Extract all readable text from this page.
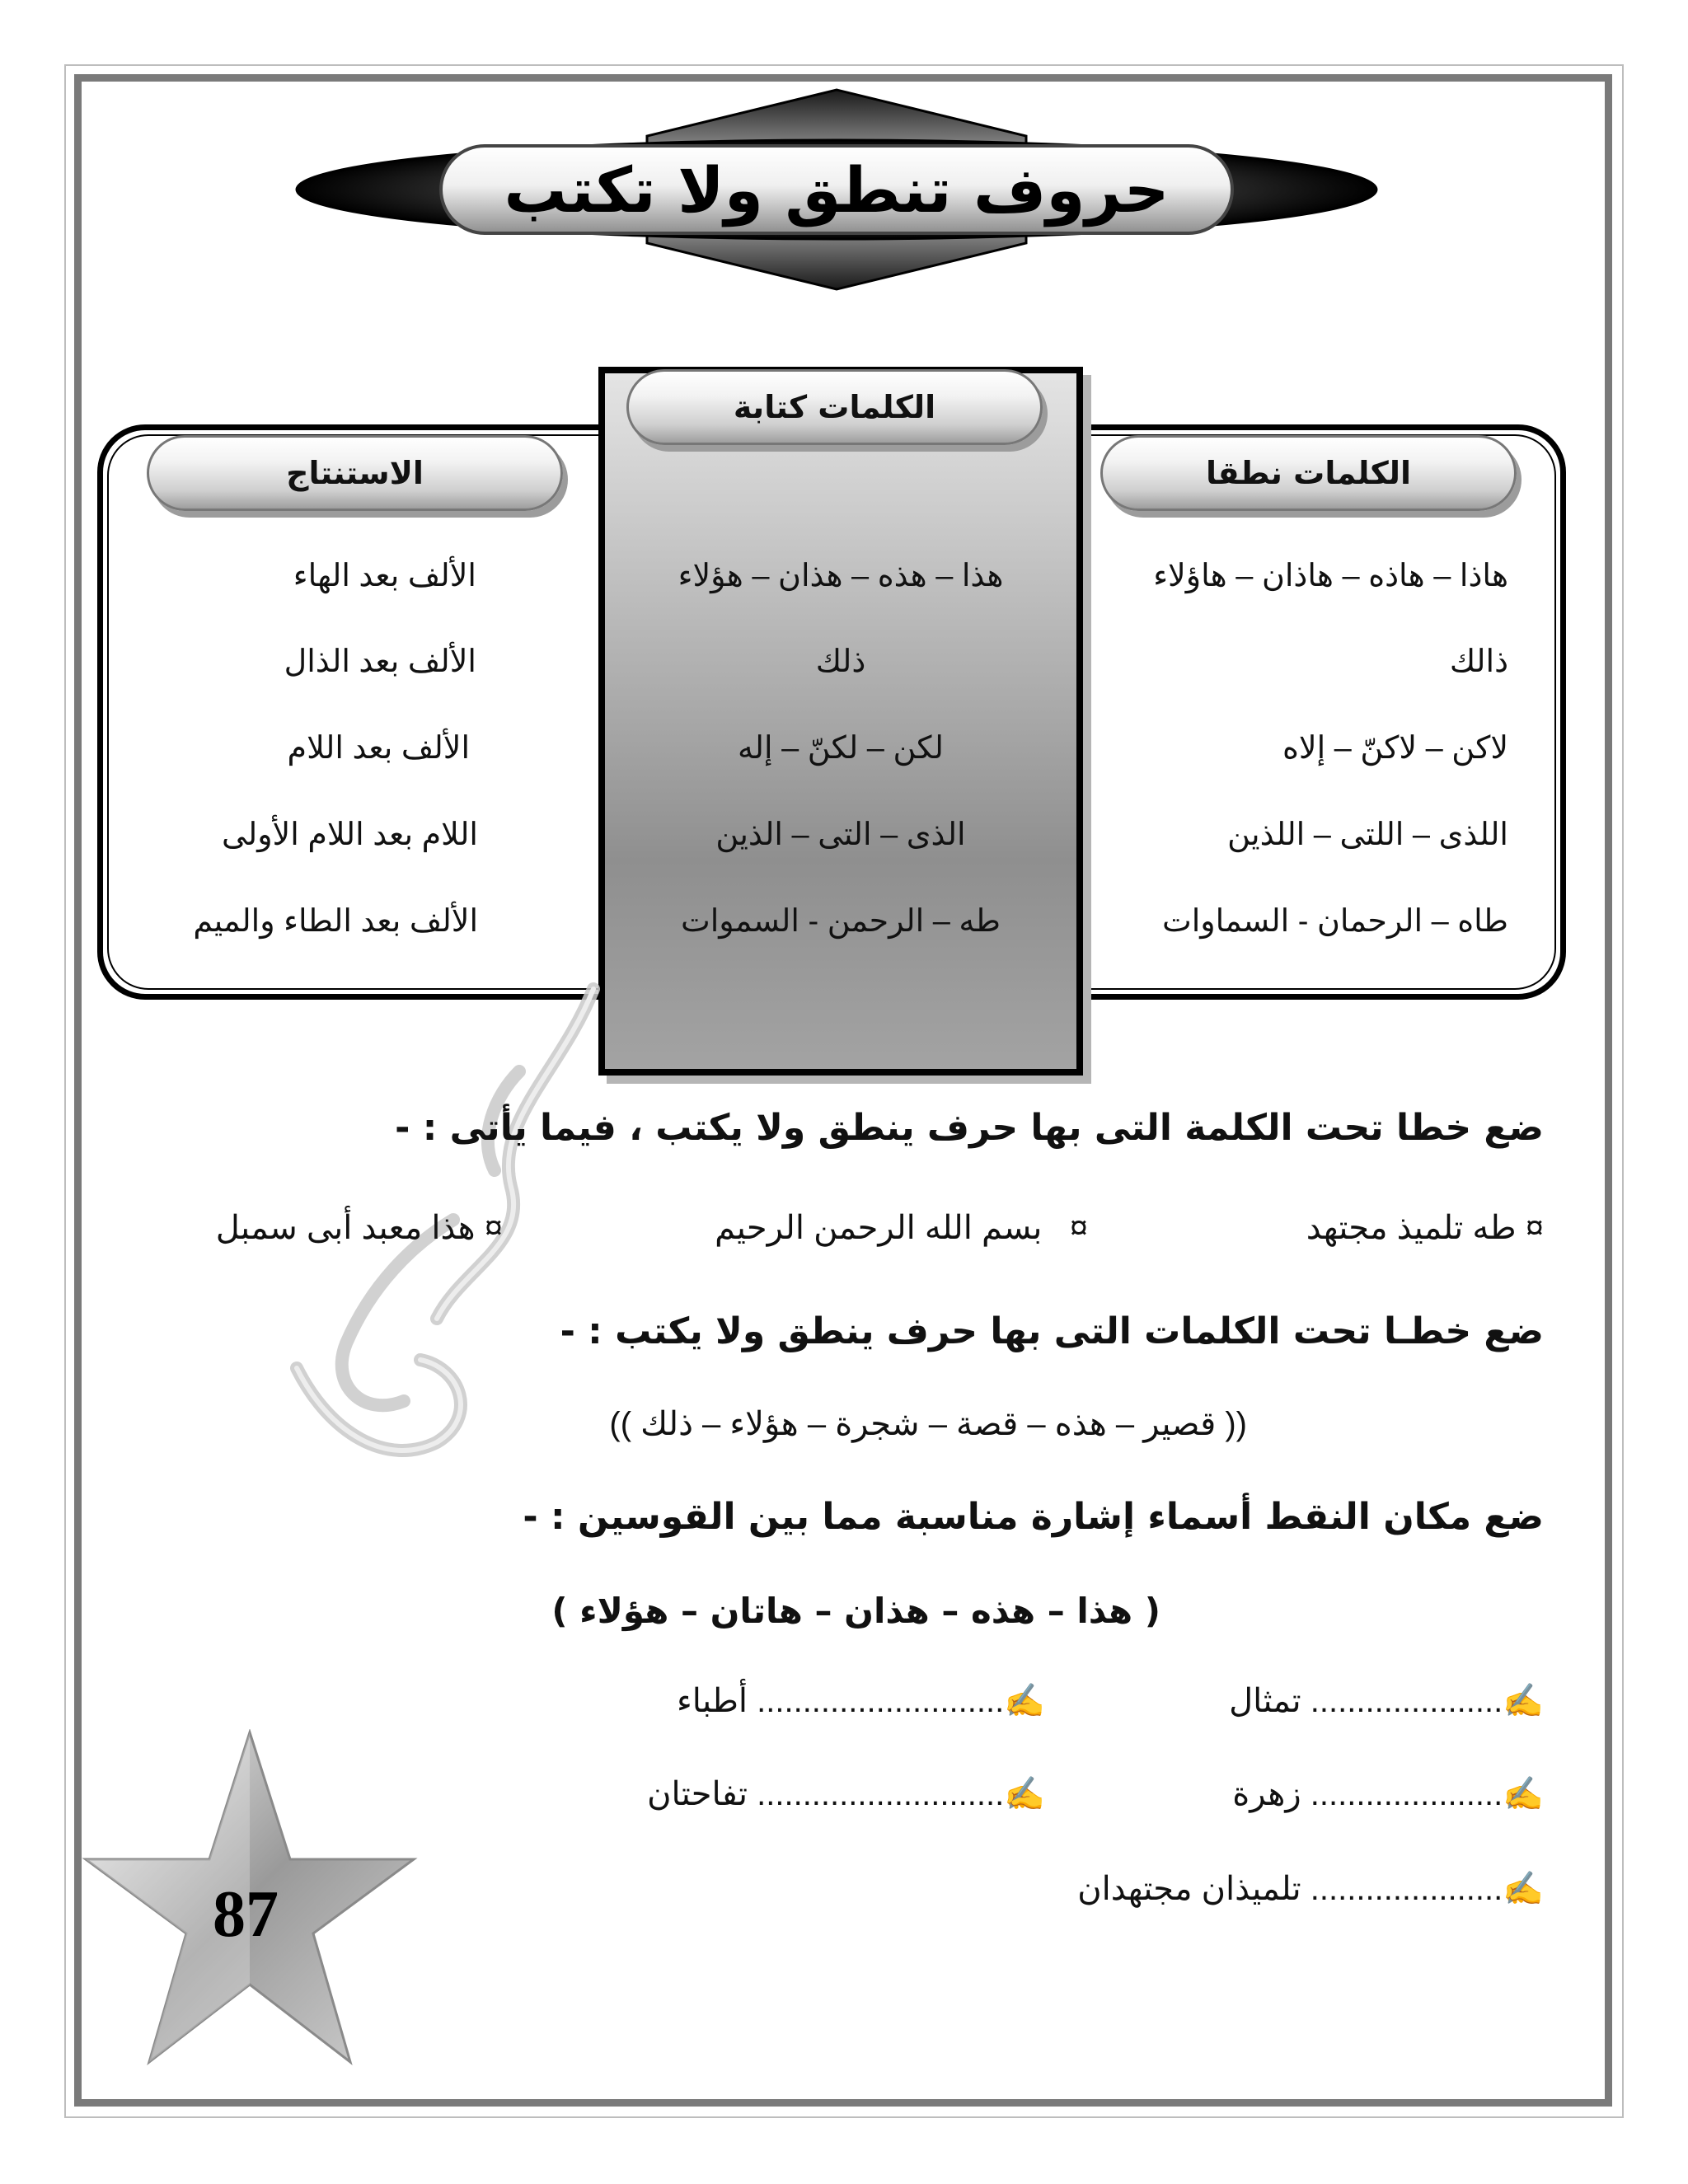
حروف تنطق ولا تكتب
الكلمات نطقا
الكلمات كتابة
الاستنتاج
هاذا – هاذه – هاذان – هاؤلاء
هذا – هذه – هذان – هؤلاء
الألف بعد الهاء
ذالك
ذلك
الألف بعد الذال
لاكن – لاكنّ – إلاه
لكن – لكنّ – إله
الألف بعد اللام
اللذى – اللتى – اللذين
الذى – التى – الذين
اللام بعد اللام الأولى
طاه – الرحمان - السماوات
طه – الرحمن - السموات
الألف بعد الطاء والميم
ضع خطا تحت الكلمة التى بها حرف ينطق ولا يكتب ، فيما يأتى : -
¤ طه تلميذ مجتهد
¤   بسم الله الرحمن الرحيم
¤ هذا معبد أبى سمبل
ضع خطـا تحت الكلمات التى بها حرف ينطق ولا يكتب : -
(( قصير – هذه – قصة – شجرة – هؤلاء – ذلك ))
ضع مكان النقط أسماء إشارة مناسبة مما بين القوسين : -
( هذا – هذه – هذان – هاتان – هؤلاء )
✍..................... تمثال
✍........................... أطباء
✍..................... زهرة
✍........................... تفاحتان
✍..................... تلميذان مجتهدان
87
